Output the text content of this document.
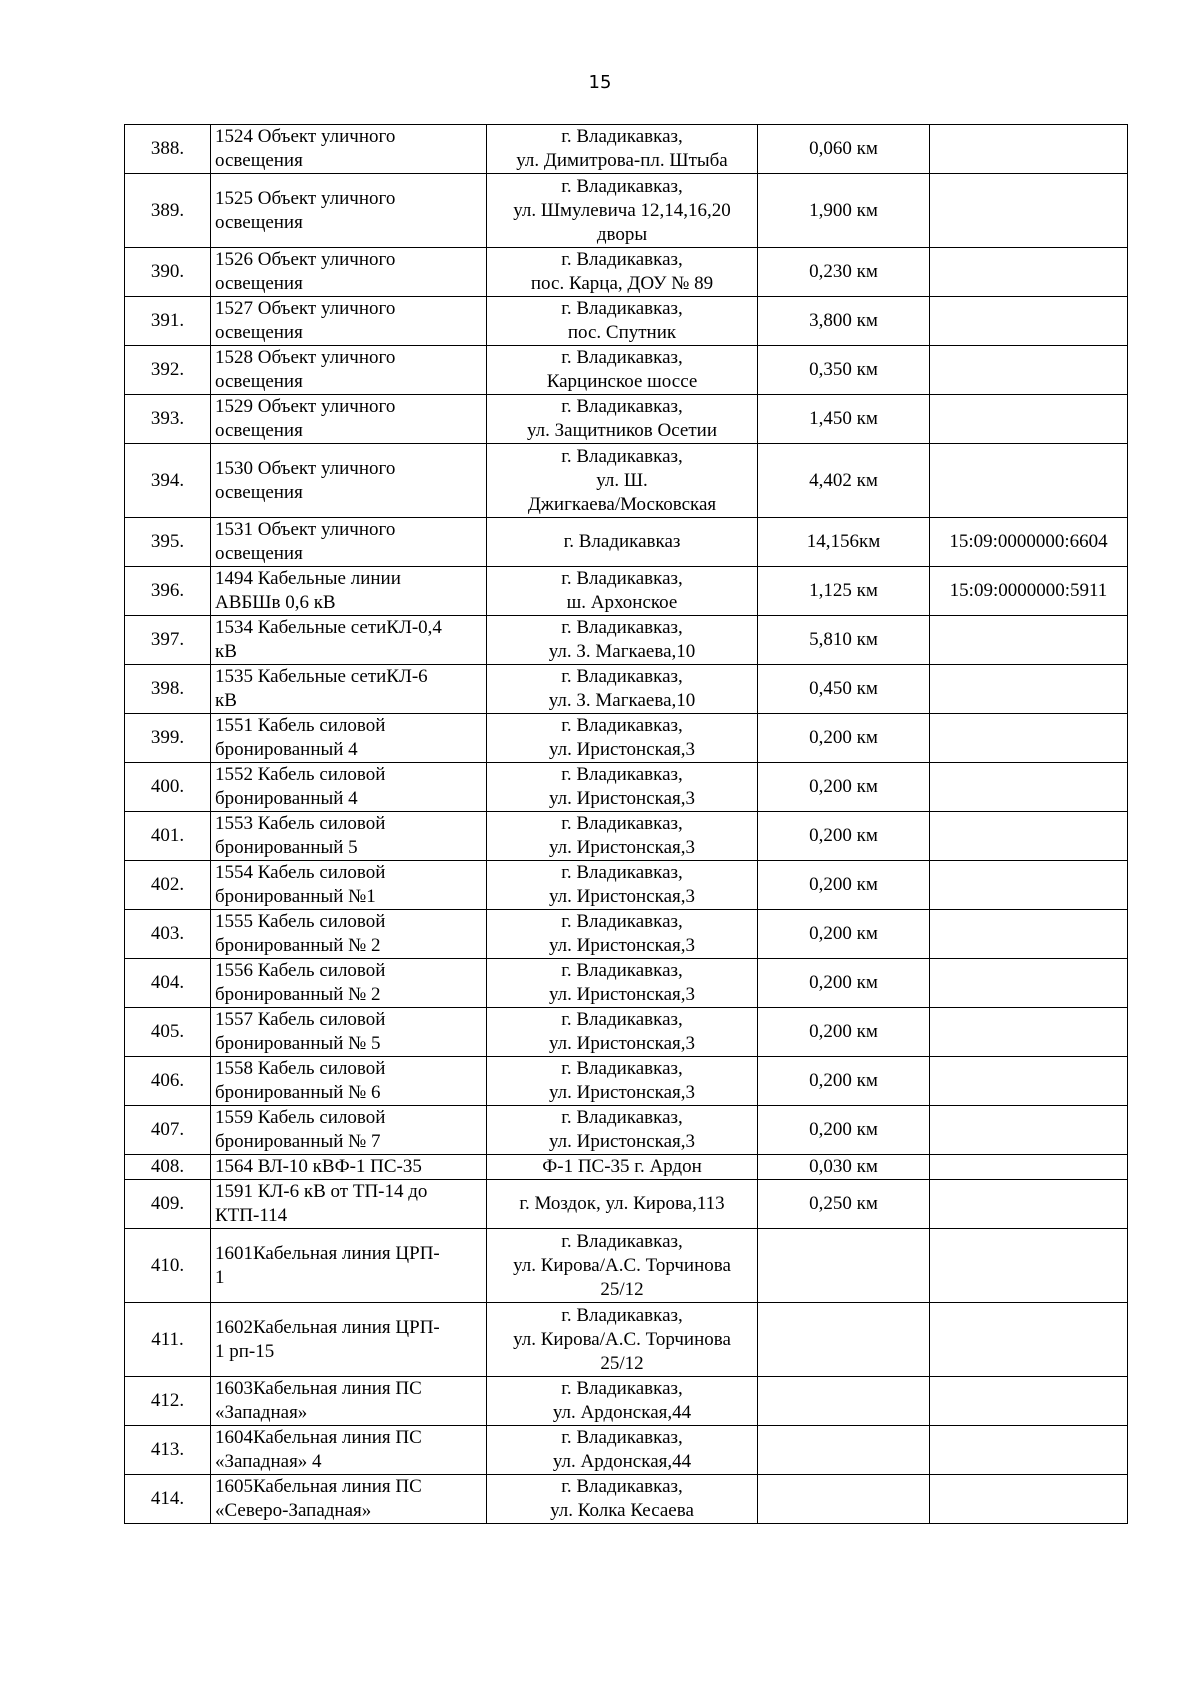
15
388.	1524 Объект уличного
освещения	г. Владикавказ,
ул. Димитрова-пл. Штыба	0,060 км	

389.	1525 Объект уличного
освещения	г. Владикавказ,
ул. Шмулевича 12,14,16,20
дворы	1,900 км	

390.	1526 Объект уличного
освещения	г. Владикавказ,
пос. Карца, ДОУ № 89	0,230 км	

391.	1527 Объект уличного
освещения	г. Владикавказ,
пос. Спутник	3,800 км	

392.	1528 Объект уличного
освещения	г. Владикавказ,
Карцинское шоссе	0,350 км	

393.	1529 Объект уличного
освещения	г. Владикавказ,
ул. Защитников Осетии	1,450 км	

394.	1530 Объект уличного
освещения	г. Владикавказ,
ул. Ш.
Джигкаева/Московская	4,402 км	

395.	1531 Объект уличного
освещения	г. Владикавказ	14,156км	15:09:0000000:6604

396.	1494 Кабельные линии
АВБШв 0,6 кВ	г. Владикавказ,
ш. Архонское	1,125 км	15:09:0000000:5911

397.	1534 Кабельные сетиКЛ-0,4
кВ	г. Владикавказ,
ул. З. Магкаева,10	5,810 км	

398.	1535 Кабельные сетиКЛ-6
кВ	г. Владикавказ,
ул. З. Магкаева,10	0,450 км	

399.	1551 Кабель силовой
бронированный 4	г. Владикавказ,
ул. Иристонская,3	0,200 км	

400.	1552 Кабель силовой
бронированный 4	г. Владикавказ,
ул. Иристонская,3	0,200 км	

401.	1553 Кабель силовой
бронированный 5	г. Владикавказ,
ул. Иристонская,3	0,200 км	

402.	1554 Кабель силовой
бронированный №1	г. Владикавказ,
ул. Иристонская,3	0,200 км	

403.	1555 Кабель силовой
бронированный № 2	г. Владикавказ,
ул. Иристонская,3	0,200 км	

404.	1556 Кабель силовой
бронированный № 2	г. Владикавказ,
ул. Иристонская,3	0,200 км	

405.	1557 Кабель силовой
бронированный № 5	г. Владикавказ,
ул. Иристонская,3	0,200 км	

406.	1558 Кабель силовой
бронированный № 6	г. Владикавказ,
ул. Иристонская,3	0,200 км	

407.	1559 Кабель силовой
бронированный № 7	г. Владикавказ,
ул. Иристонская,3	0,200 км	

408.	1564 ВЛ-10 кВФ-1 ПС-35	Ф-1 ПС-35 г. Ардон	0,030 км	

409.	1591 КЛ-6 кВ от ТП-14 до
КТП-114	г. Моздок, ул. Кирова,113	0,250 км	

410.	1601Кабельная линия ЦРП-
1	г. Владикавказ,
ул. Кирова/А.С. Торчинова
25/12		

411.	1602Кабельная линия ЦРП-
1 рп-15	г. Владикавказ,
ул. Кирова/А.С. Торчинова
25/12		

412.	1603Кабельная линия ПС
«Западная»	г. Владикавказ,
ул. Ардонская,44		

413.	1604Кабельная линия ПС
«Западная» 4	г. Владикавказ,
ул. Ардонская,44		

414.	1605Кабельная линия ПС
«Северо-Западная»	г. Владикавказ,
ул. Колка Кесаева		
